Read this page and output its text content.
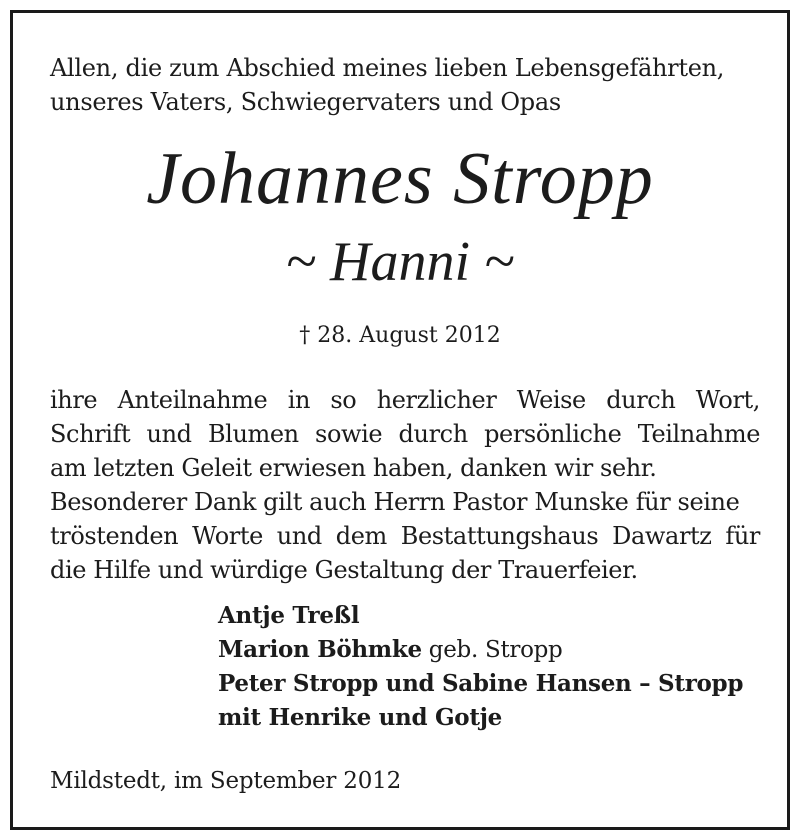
Allen, die zum Abschied meines lieben Lebensgefährten,
unseres Vaters, Schwiegervaters und Opas
Johannes Stropp
~ Hanni ~
† 28. August 2012
ihre Anteilnahme in so herzlicher Weise durch Wort,
Schrift und Blumen sowie durch persönliche Teilnahme
am letzten Geleit erwiesen haben, danken wir sehr.
Besonderer Dank gilt auch Herrn Pastor Munske für seine
tröstenden Worte und dem Bestattungshaus Dawartz für
die Hilfe und würdige Gestaltung der Trauerfeier.
Antje Treßl
Marion Böhmke geb. Stropp
Peter Stropp und Sabine Hansen – Stropp
mit Henrike und Gotje
Mildstedt, im September 2012
